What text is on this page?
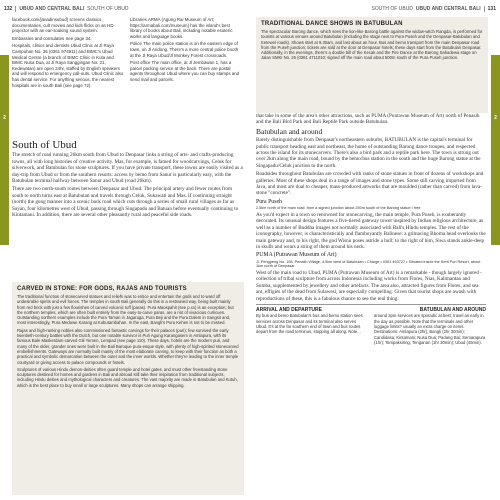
2	2
132 UBUD AND CENTRAL BALI SOUTH OF UBUD	SOUTH OF UBUD UBUD AND CENTRAL BALI 131

facebook.com/janadinsubud) screens classics, documentaries, cult movies and kids flicks on an HD projector with an ear-soaking sound system.

Embassies and consulates See page 34.

Hospitals, clinics and dentists Ubud Clinic at Jl Raya Campuhan No. 36 (0361 974911) and BIMC's Ubud Medical Centre (a branch of BIMC Clinic in Kuta and BIMC Nusa Dua, at Jl Raya Sanggingan No. 21, Kedewatan) are open 24hr, staffed by English speakers and will respond to emergency call-outs. Ubud Clinic also has dental service. For anything serious, the nearest hospitals are in south Bali (see page 72).

Libraries ARMA (Agung Rai Museum of Art; https://armabali.com/museum) has the island's best library of books about Bali, including notable esoteric works and language books.

Police The main police station is on the eastern edge of town, on Jl Andong. There's a more central police booth at the Jl Raya Ubud/Jl Monkey Forest crossroads.

Post office The main office, at Jl Jembawan 1, has a parcel packing service at the back. There are postal agents throughout Ubud where you can buy stamps and send mail and parcels.

South of Ubud

The stretch of road running 26km south from Ubud to Denpasar links a string of arts- and crafts-producing towns, all with long histories of creative activity. Mas, for example, is famed for woodcarvings, Celuk for silverwork, and Batubulan for stone sculptures. If you have private transport, these towns are easily visited as a day-trip from Ubud or from the southern resorts: access by bemo from Sanur is particularly easy, with the Batubulan terminal halfway between Sanur and Ubud (road 26km).

There are two north-south routes between Denpasar and Ubud. The principal artery and fewer routes from south to north turns east at Batubulan and travels through Celuk, Sukawati and Mas. If continuing straight (north) the gong manner into a scenic back road which cuts through a series of small rural villages as far as Sayan, four kilometres west of Ubud, passing through Singapadu and Batuan before eventually continuing to Kintamani. In addition, there are several other pleasantly rural and peaceful side roads.

CARVED IN STONE: FOR GODS, RAJAS AND TOURISTS

The traditional function of stonecarved statues and reliefs was to entice and entertain the gods and to ward off undesirable spirits and evil forces. The temples in south Bali generally do this in a restrained way, being built mainly from red brick with just a few flourishes of carved volcanic tuff (paras). Pura Maospahit (see p.xx) is an exception; but the northern temples, which are often built entirely from the easy-to-carve paras, are a riot of vivacious curlicues. Outstanding northern examples include the Pura Taman in Jagaraga, Pura Beji and the Pura Dalem in Sangsit and, most interestingly, Pura Meduwe Karang at Kubutambahan. In the east, Bangli's Pura Kehen is not to be missed.

Rajas and high-ranking nobles also commissioned fantastic carvings for their palaces (puri); few survived the early twentieth-century battles with the Dutch, but one notable survivor is Puri Agung Karangasem in Amlapura, with its famous Bale Maskerdam-carved Gili Yemen, Lempad (see page 110). These days, hotels are the modern puri, and many of the older, grander ones were built in the Bali Baroque pura-esque style, with plenty of high-spirited stonecarved embellishments. Gateways are normally built mainly of the most elaborate carving, to keep with their function as both a practical and symbolic demarcation between the outer and the inner worlds. Whether they're leading to the inner temple courtyard or giving access to palace compounds or hotels.

Sculptures of various Hindu demon-deities often guard temple and hotel gates, and must other freestanding stone sculptures destined for homes and gardens in Bali and abroad still take their inspiration from traditional subjects, including Hindu deities and mythological characters and creatures. The vast majority are made in Batubulan and Kutuh, which is the best place to buy small or large sculptures. Many shops can arrange shipping.

TRADITIONAL DANCE SHOWS IN BATUBULAN

The spectacular Barong dance, which sees the lion-like Barong battle against the widow-witch Rangda, is performed for tourists at various venues around Batubulan (including the stage next to Pura Puseh and the Denpasar-Batubulan and Ketewel roads). Shows start at 9.30am, and last about an hour. Bus and bemo transport from the main Denpasar road from the Puseh junction; tickets are sold at the door at Denpasar hotels; these days start from the Batubulan Denpasar. Additionally, in the evenings, there's a double bill of the Kecak and the Fire Dance at the Barong Sahadewa stage on Jalan SMKI No. 25 (0361 4711010; signed off the main road about 500m south of the Pura Puseh junction.

that take in some of the area's other attractions, such as PUMA (Puntawan Museum of Art) north of Penasih and the Bali Bird Park and Bali Reptile Park outside Batubulan.

Batubulan and around

Barely distinguishable from Denpasar's northeastern suburbs, BATUBULAN is the capital's terminal for public transport heading east and northeast, the home of outstanding Barong dance troupes, and respected across the island for its stonecarvers. There's also a bird park and a reptile park here. The town is strung out over 2km along the main road, bound by the bemo/bus station in the south and the huge Barong statue at the Singapadu/Celuk junction to the north.

Roadsides throughout Batubulan are crowded with ranks of stone statues in front of dozens of workshops and galleries. Most of these shops deal in a range of images and stone types. Some still carving imported from Java, and most are dual to cheaper, mass-produced artworks that are moulded (rather than carved) from lava-stone "concrete".

Pura Puseh
2.5km north of the main road. from a signed junction about 250m south of the Barong statue • free

As you'd expect in a town so renowned for stonecarving, the main temple, Pura Puseh, is exuberantly decorated. Its unusual design features a five-tiered gateway tower inspired by Indian religious architecture, as well as a number of Buddha images not normally associated with Bali's Hindu temples. The rest of the iconography, however, is characteristically and flamboyantly Balinese: a grimacing Bhoma head overlooks the main gateway and, to his right, the god Wisnu poses astride a bull; to the right of him, Siwa stands ankle-deep in skulls and wears a string of them around his neck.

PUMA (Putrawan Museum of Art)
Jl. Pengpeng No. 108, Penatih Village, 4.5km west of Batubulan • Charge • 0361 463727 • Situated inside the Kerti Puri Resort, about 1km north of Denpasar

West of the main road to Ubud, PUMA (Putrawan Museum of Art) is a remarkable - though largely ignored - collection of tribal sculpture from across Indonesia including works from Flores, Nias, Kalimantan and Sumba, supplemented by jewellery and other artefacts. The area also, attracted figures from Flores, and sea ant, effigies of the dead from Sulawesi, are especially compelling. Given that tourist shops are awash with reproductions of these, this is a fabulous chance to see the real thing.

ARRIVAL AND DEPARTURE	BATUBULAN AND AROUND
By bus and bemo Batubulan's bus and bemo station sees services across Denpasar and its terminal also serves Ubud. It's at the far southern end of town and bus routes depart from the road terminus, stopping all along. Note...
around 2pm services are sporadic at best; travel as early in the day as possible. Note that the terminals and other luggage limits? usually an extra charge on items. Destinations: Amlapura (2hr); Bangli (2hr 30min); Candidasa; Kintamani; Nusa Dua; Padang Bai; Semarapura (1hr); Tampaksiring; Tenganan (1hr 30min); Ubud (45min).
